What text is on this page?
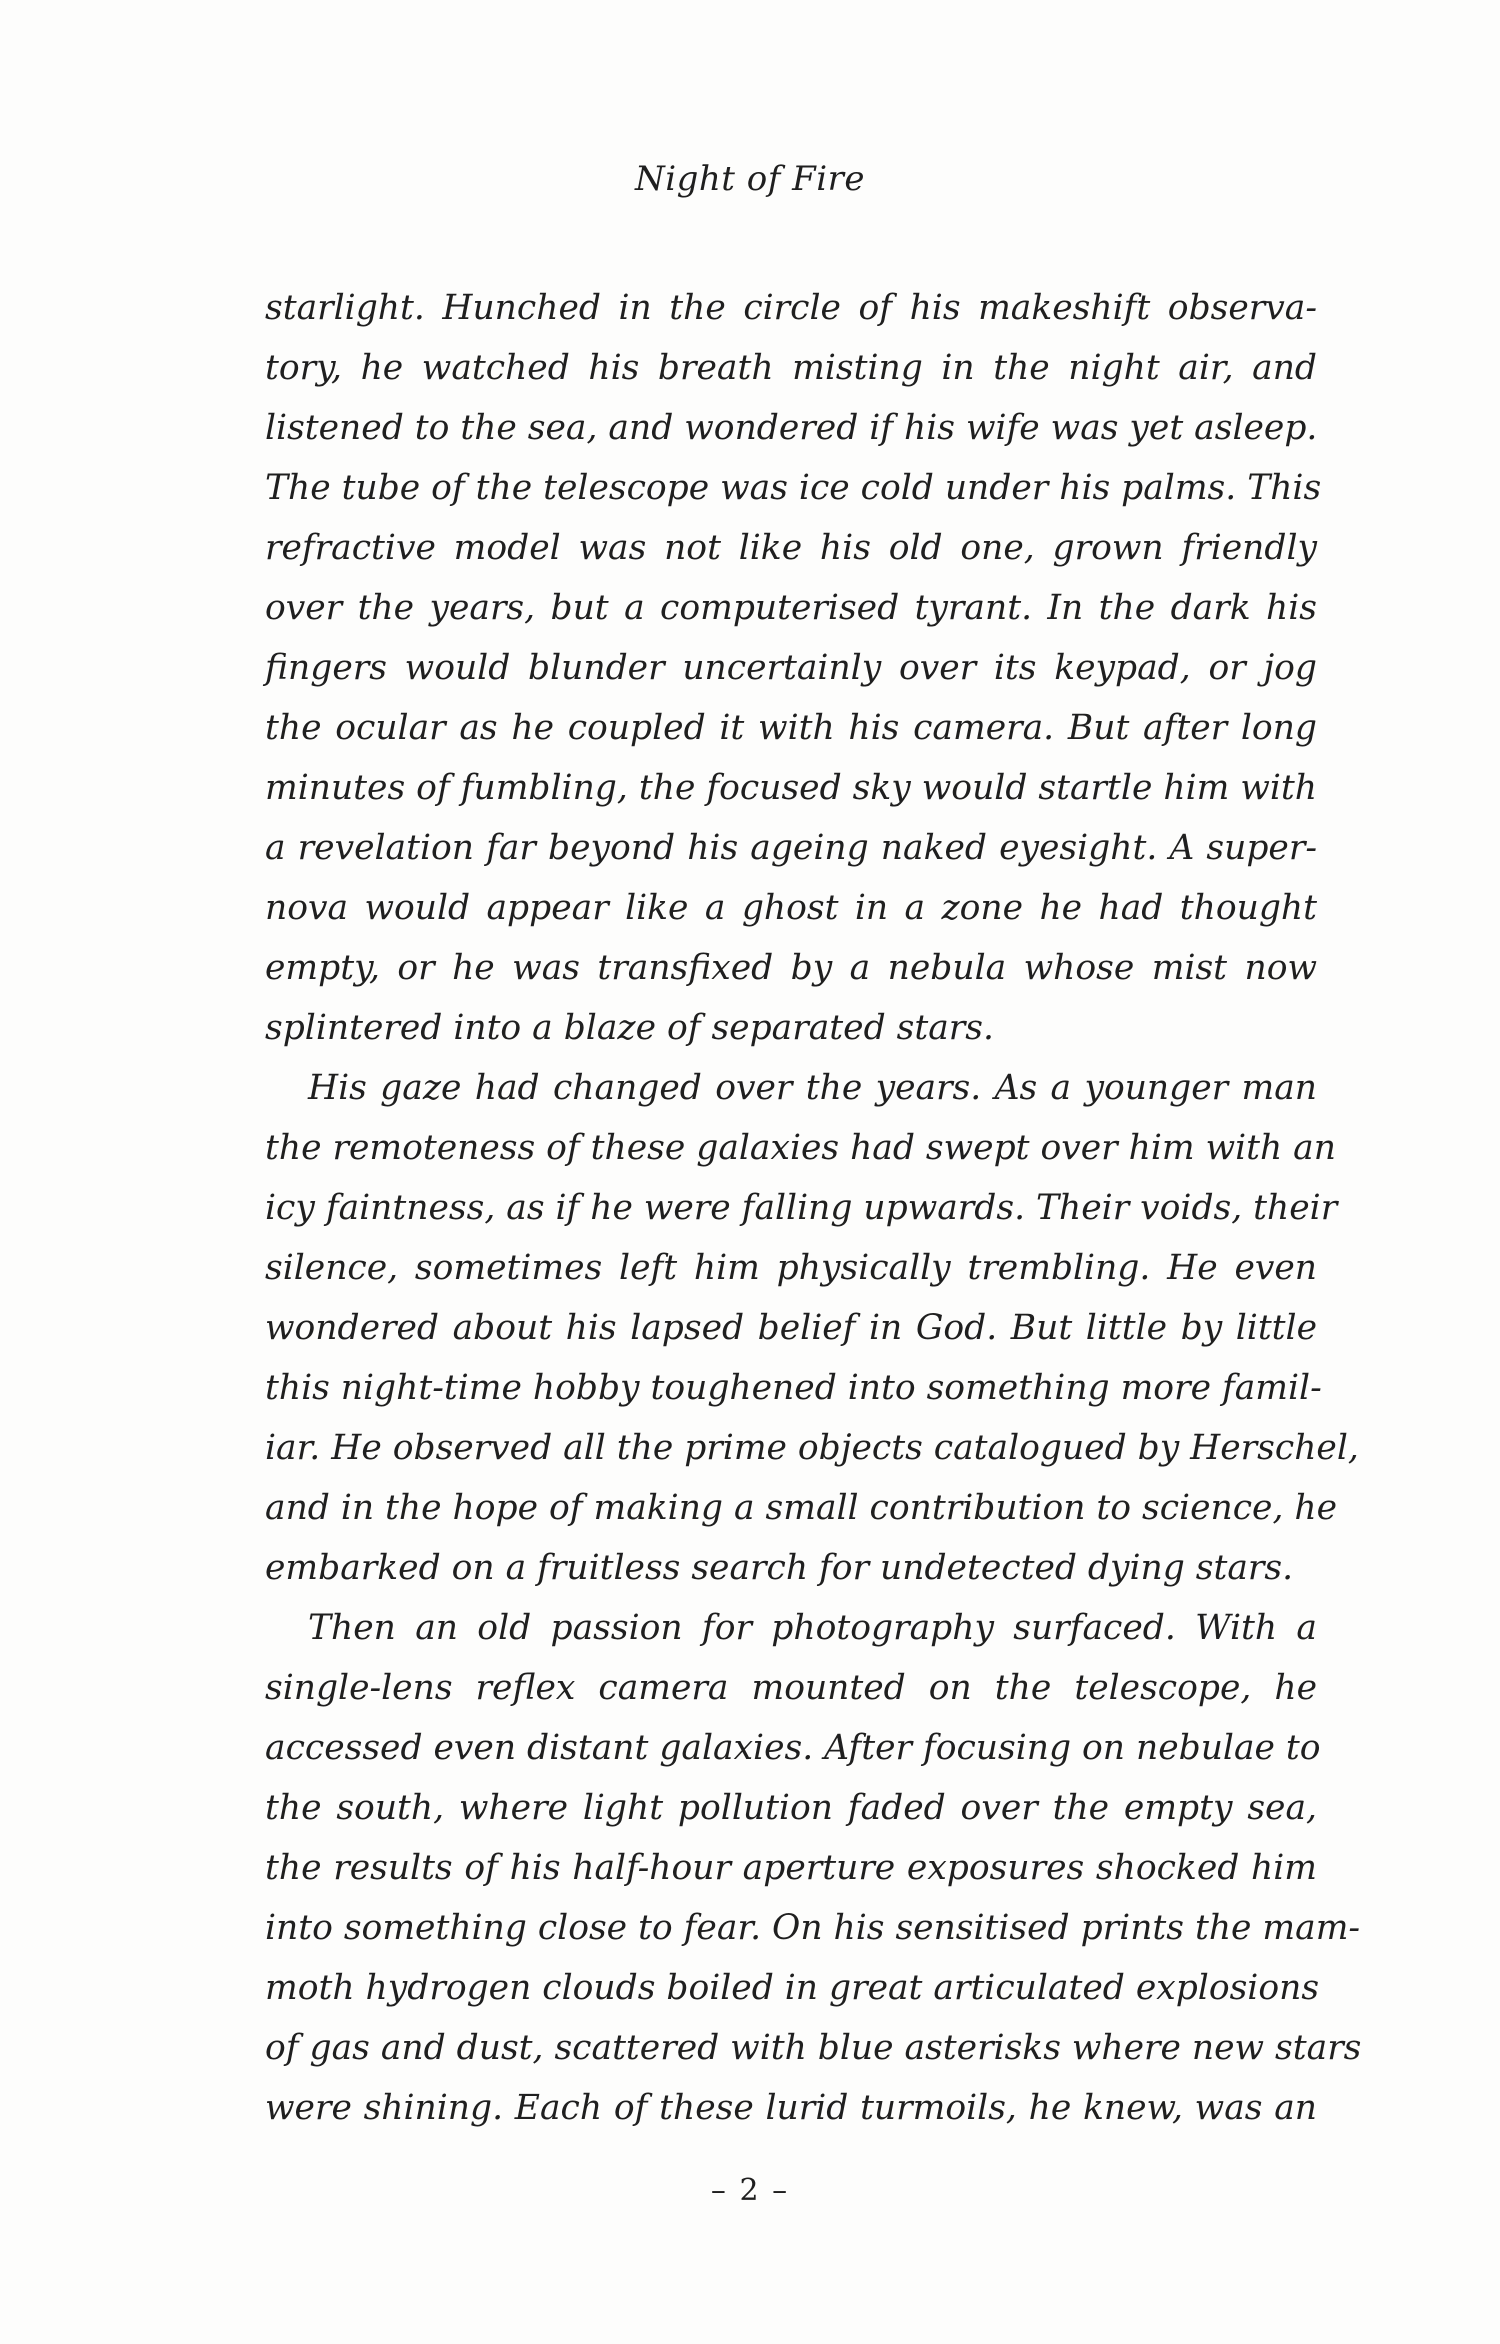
Night of Fire
starlight. Hunched in the circle of his makeshift observa-
tory, he watched his breath misting in the night air, and
listened to the sea, and wondered if his wife was yet asleep.
The tube of the telescope was ice cold under his palms. This
refractive model was not like his old one, grown friendly
over the years, but a computerised tyrant. In the dark his
fingers would blunder uncertainly over its keypad, or jog
the ocular as he coupled it with his camera. But after long
minutes of fumbling, the focused sky would startle him with
a revelation far beyond his ageing naked eyesight. A super-
nova would appear like a ghost in a zone he had thought
empty, or he was transfixed by a nebula whose mist now
splintered into a blaze of separated stars.
His gaze had changed over the years. As a younger man
the remoteness of these galaxies had swept over him with an
icy faintness, as if he were falling upwards. Their voids, their
silence, sometimes left him physically trembling. He even
wondered about his lapsed belief in God. But little by little
this night-time hobby toughened into something more famil-
iar. He observed all the prime objects catalogued by Herschel,
and in the hope of making a small contribution to science, he
embarked on a fruitless search for undetected dying stars.
Then an old passion for photography surfaced. With a
single-lens reflex camera mounted on the telescope, he
accessed even distant galaxies. After focusing on nebulae to
the south, where light pollution faded over the empty sea,
the results of his half-hour aperture exposures shocked him
into something close to fear. On his sensitised prints the mam-
moth hydrogen clouds boiled in great articulated explosions
of gas and dust, scattered with blue asterisks where new stars
were shining. Each of these lurid turmoils, he knew, was an
– 2 –
